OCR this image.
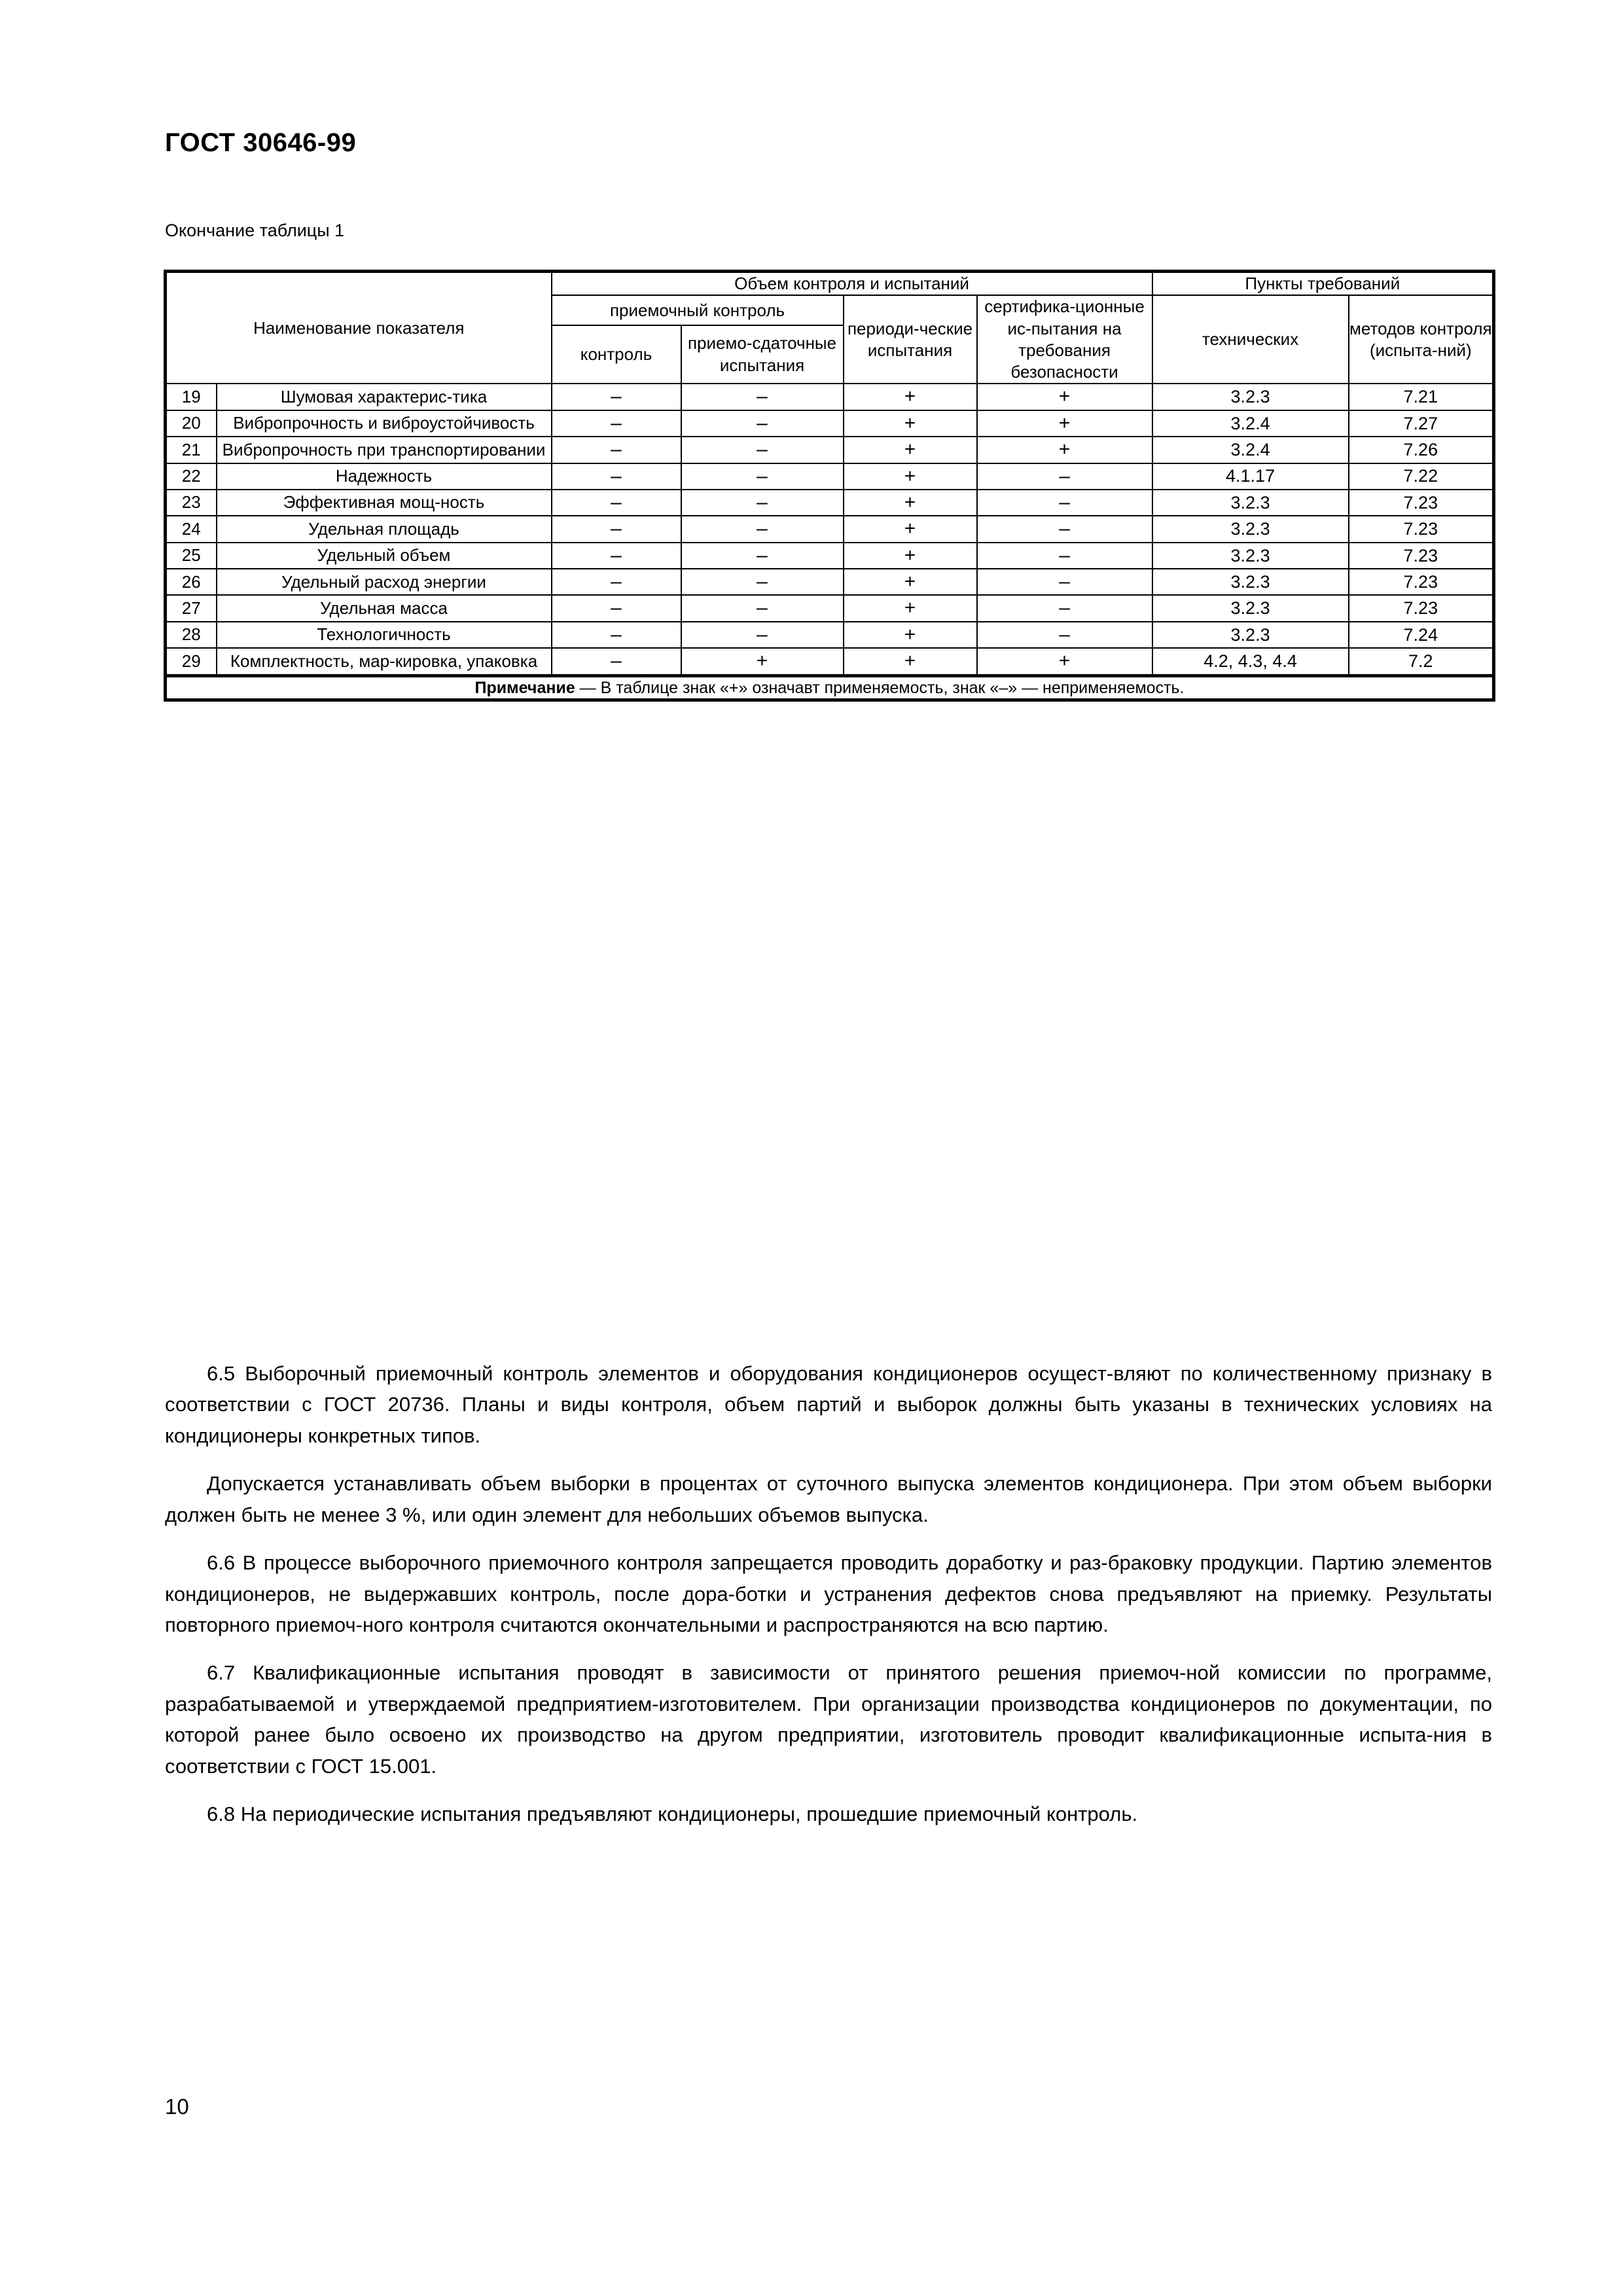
ГОСТ 30646-99
Окончание таблицы 1
Наименование показателя		Объем контроля и испытаний				Пункты требований	
		приемочный контроль		периоди-ческие испытания	сертифика-ционные ис-пытания на требования безопасности	технических	методов контроля (испыта-ний)
		контроль	приемо-сдаточные испытания				

19	Шумовая характерис-тика	–	–	+	+	3.2.3	7.21
20	Вибропрочность и виброустойчивость	–	–	+	+	3.2.4	7.27
21	Вибропрочность при транспортировании	–	–	+	+	3.2.4	7.26
22	Надежность	–	–	+	–	4.1.17	7.22
23	Эффективная мощ-ность	–	–	+	–	3.2.3	7.23
24	Удельная площадь	–	–	+	–	3.2.3	7.23
25	Удельный объем	–	–	+	–	3.2.3	7.23
26	Удельный расход энергии	–	–	+	–	3.2.3	7.23
27	Удельная масса	–	–	+	–	3.2.3	7.23
28	Технологичность	–	–	+	–	3.2.3	7.24
29	Комплектность, мар-кировка, упаковка	–	+	+	+	4.2, 4.3, 4.4	7.2
Примечание — В таблице знак «+» означавт применяемость, знак «–» — неприменяемость.							

6.5 Выборочный приемочный контроль элементов и оборудования кондиционеров осущест-вляют по количественному признаку в соответствии с ГОСТ 20736. Планы и виды контроля, объем партий и выборок должны быть указаны в технических условиях на кондиционеры конкретных типов.

Допускается устанавливать объем выборки в процентах от суточного выпуска элементов кондиционера. При этом объем выборки должен быть не менее 3 %, или один элемент для небольших объемов выпуска.

6.6 В процессе выборочного приемочного контроля запрещается проводить доработку и раз-браковку продукции. Партию элементов кондиционеров, не выдержавших контроль, после дора-ботки и устранения дефектов снова предъявляют на приемку. Результаты повторного приемоч-ного контроля считаются окончательными и распространяются на всю партию.

6.7 Квалификационные испытания проводят в зависимости от принятого решения приемоч-ной комиссии по программе, разрабатываемой и утверждаемой предприятием-изготовителем. При организации производства кондиционеров по документации, по которой ранее было освоено их производство на другом предприятии, изготовитель проводит квалификационные испыта-ния в соответствии с ГОСТ 15.001.

6.8 На периодические испытания предъявляют кондиционеры, прошедшие приемочный контроль.

10
